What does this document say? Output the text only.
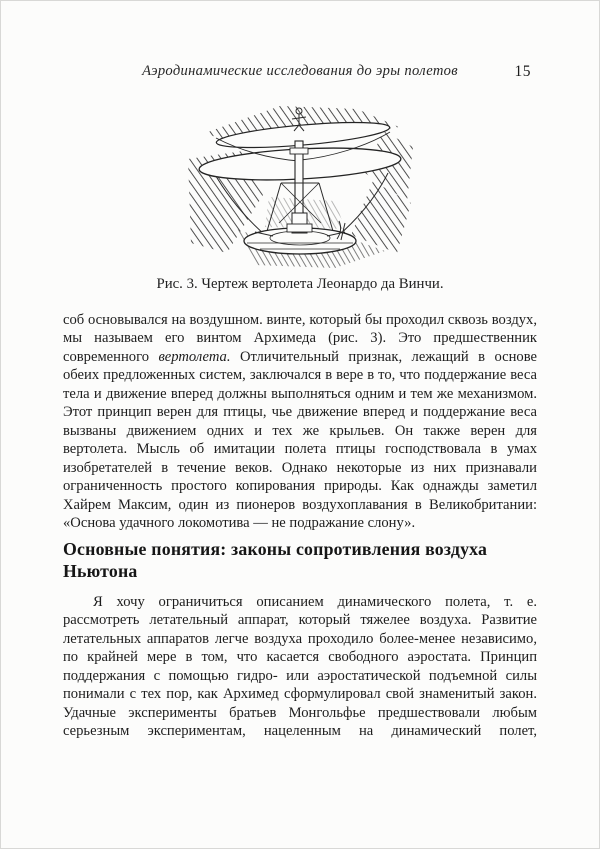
Аэродинамические исследования до эры полетов	15
Рис. 3. Чертеж вертолета Леонардо да Винчи.

соб основывался на воздушном. винте, который бы проходил сквозь воздух, мы называем его винтом Архимеда (рис. 3). Это предшественник современного вертолета. Отличительный признак, лежащий в основе обеих предложенных систем, заключался в вере в то, что поддержание веса тела и движение вперед должны выполняться одним и тем же механизмом. Этот принцип верен для птицы, чье движение вперед и поддержание веса вызваны движением одних и тех же крыльев. Он также верен для вертолета. Мысль об имитации полета птицы господствовала в умах изобретателей в течение веков. Однако некоторые из них признавали ограниченность простого копирования природы. Как однажды заметил Хайрем Максим, один из пионеров воздухоплавания в Великобритании: «Основа удачного локомотива — не подражание слону».

Основные понятия: законы сопротивления воздуха
Ньютона

Я хочу ограничиться описанием динамического полета, т. е. рассмотреть летательный аппарат, который тяжелее воздуха. Развитие летательных аппаратов легче воздуха проходило более-менее независимо, по крайней мере в том, что касается свободного аэростата. Принцип поддержания с помощью гидро- или аэростатической подъемной силы понимали с тех пор, как Архимед сформулировал свой знаменитый закон. Удачные эксперименты братьев Монгольфье предшествовали любым серьезным экспериментам, нацеленным на динамический полет,
